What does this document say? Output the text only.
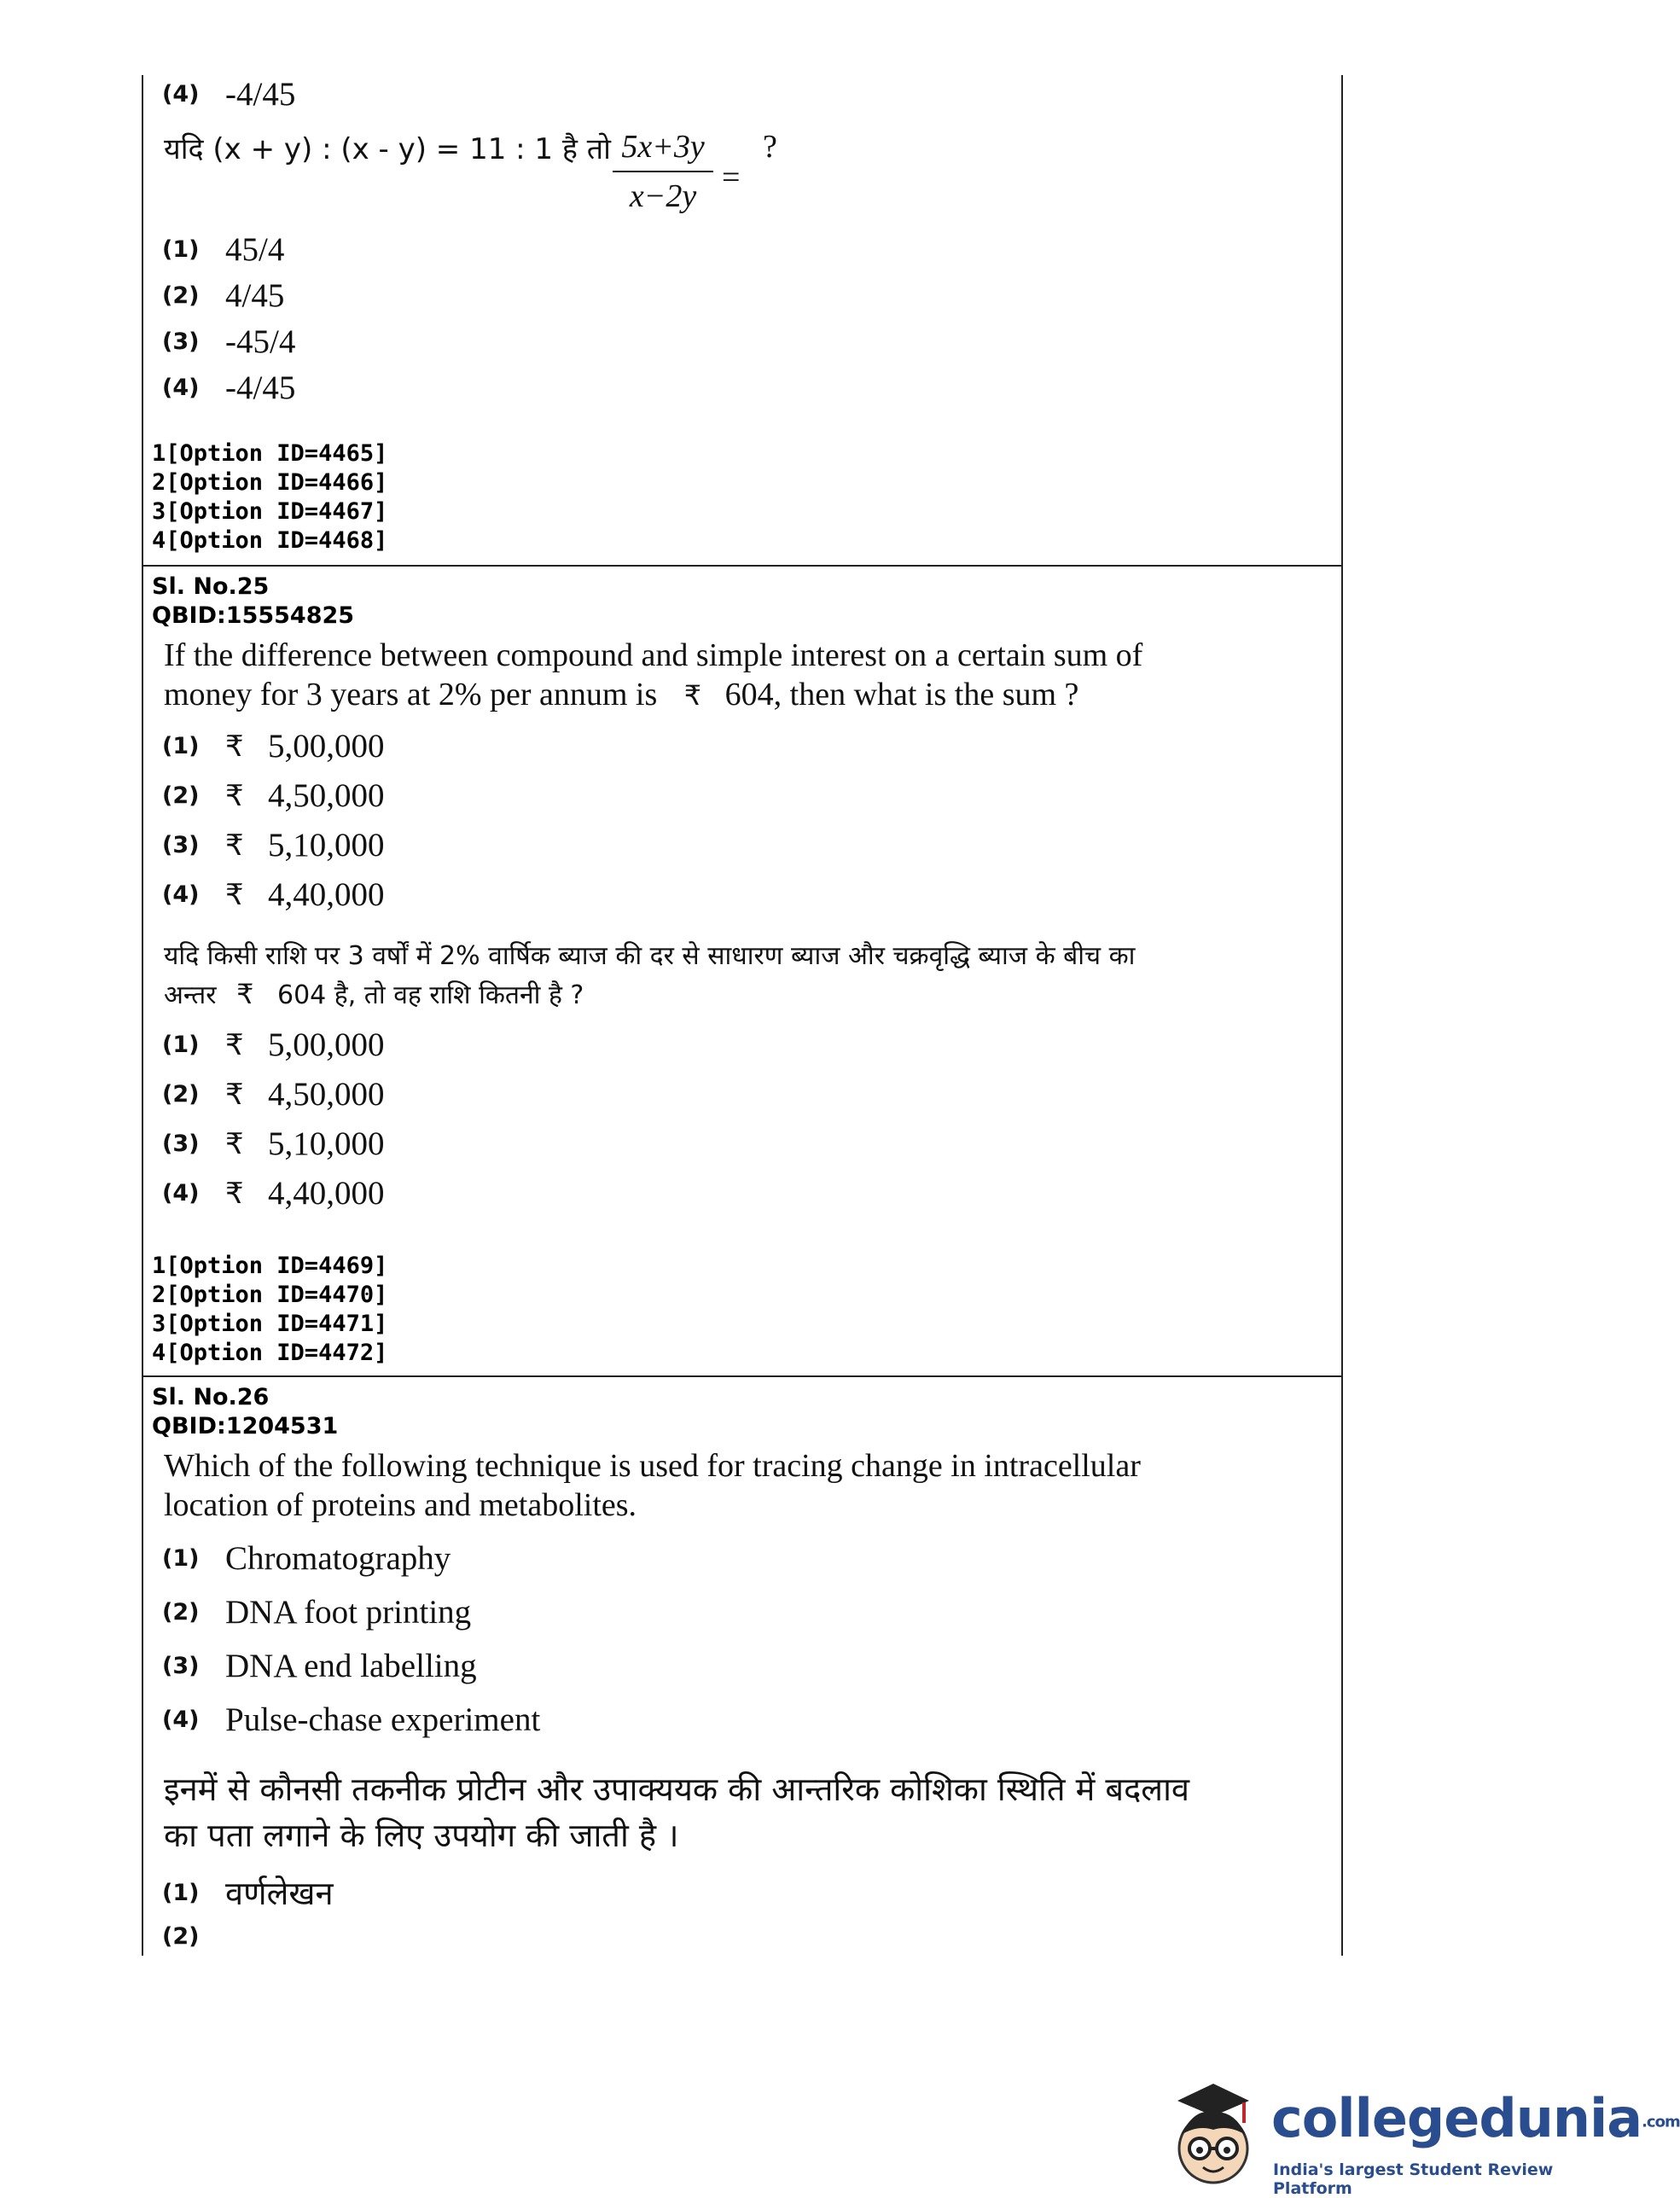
(4) -4/45
यदि (x + y) : (x - y) = 11 : 1 है तो 5x+3y
x−2y
=
?
(1) 45/4
(2) 4/45
(3) -45/4
(4) -4/45
1[Option ID=4465]
2[Option ID=4466]
3[Option ID=4467]
4[Option ID=4468]
Sl. No.25
QBID:15554825
If the difference between compound and simple interest on a certain sum of
money for 3 years at 2% per annum is ₹ 604, then what is the sum ?
(1) ₹ 5,00,000
(2) ₹ 4,50,000
(3) ₹ 5,10,000
(4) ₹ 4,40,000
यदि किसी राशि पर 3 वर्षों में 2% वार्षिक ब्याज की दर से साधारण ब्याज और चक्रवृद्धि ब्याज के बीच का
अन्तर ₹ 604 है, तो वह राशि कितनी है ?
(1) ₹ 5,00,000
(2) ₹ 4,50,000
(3) ₹ 5,10,000
(4) ₹ 4,40,000
1[Option ID=4469]
2[Option ID=4470]
3[Option ID=4471]
4[Option ID=4472]
Sl. No.26
QBID:1204531
Which of the following technique is used for tracing change in intracellular
location of proteins and metabolites.
(1) Chromatography
(2) DNA foot printing
(3) DNA end labelling
(4) Pulse-chase experiment
इनमें से कौनसी तकनीक प्रोटीन और उपाक्ययक की आन्तरिक कोशिका स्थिति में बदलाव
का पता लगाने के लिए उपयोग की जाती है ।
(1) वर्णलेखन
(2)
collegedunia.com
India's largest Student Review Platform
